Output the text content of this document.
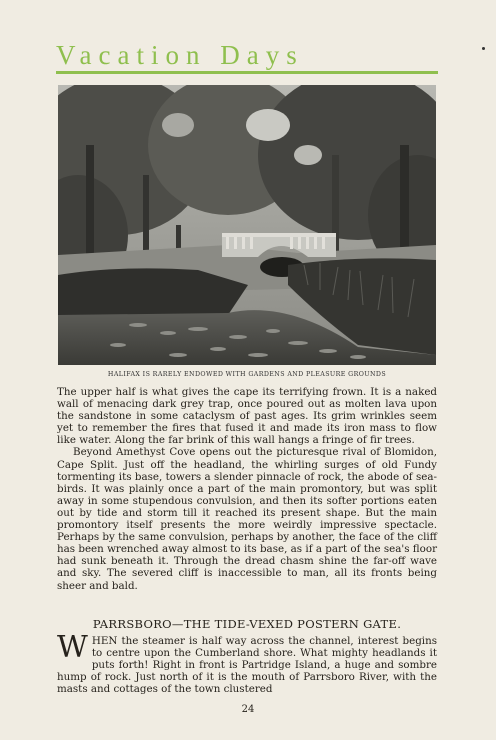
Vacation Days
HALIFAX IS RARELY ENDOWED WITH GARDENS AND PLEASURE GROUNDS

The upper half is what gives the cape its terrifying frown. It is a naked wall of menacing dark grey trap, once poured out as molten lava upon the sandstone in some cataclysm of past ages. Its grim wrinkles seem yet to remember the fires that fused it and made its iron mass to flow like water. Along the far brink of this wall hangs a fringe of fir trees.

Beyond Amethyst Cove opens out the picturesque rival of Blomidon, Cape Split. Just off the headland, the whirling surges of old Fundy tormenting its base, towers a slender pinnacle of rock, the abode of sea-birds. It was plainly once a part of the main promontory, but was split away in some stupendous convulsion, and then its softer portions eaten out by tide and storm till it reached its present shape. But the main promontory itself presents the more weirdly impressive spectacle. Perhaps by the same convulsion, perhaps by another, the face of the cliff has been wrenched away almost to its base, as if a part of the sea's floor had sunk beneath it. Through the dread chasm shine the far-off wave and sky. The severed cliff is inaccessible to man, all its fronts being sheer and bald.

PARRSBORO—THE TIDE-VEXED POSTERN GATE.
W HEN the steamer is half way across the channel, interest begins to centre upon the Cumberland shore. What mighty headlands it puts forth! Right in front is Partridge Island, a huge and sombre hump of rock. Just north of it is the mouth of Parrsboro River, with the masts and cottages of the town clustered
24
